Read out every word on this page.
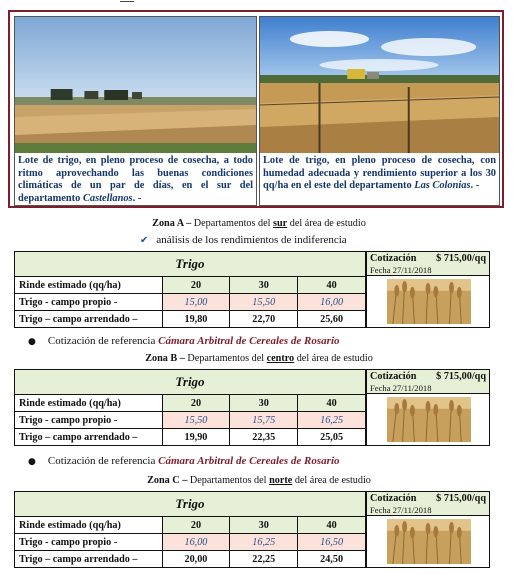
Lote de trigo, en pleno proceso de cosecha, a todo ritmo aprovechando las buenas condiciones climáticas de un par de días, en el sur del departamento Castellanos. -
Lote de trigo, en pleno proceso de cosecha, con humedad adecuada y rendimiento superior a los 30 qq/ha en el este del departamento Las Colonias. -
Zona A – Departamentos del sur del área de estudio
✔ análisis de los rendimientos de indiferencia
Trigo			
Rinde estimado (qq/ha)	20	30	40
Trigo - campo propio -	15,00	15,50	16,00
Trigo – campo arrendado –	19,80	22,70	25,60
Cotización $ 715,00/qq
Fecha 27/11/2018
● Cotización de referencia Cámara Arbitral de Cereales de Rosario
Zona B – Departamentos del centro del área de estudio
Trigo			
Rinde estimado (qq/ha)	20	30	40
Trigo - campo propio -	15,50	15,75	16,25
Trigo – campo arrendado –	19,90	22,35	25,05
Cotización $ 715,00/qq
Fecha 27/11/2018
● Cotización de referencia Cámara Arbitral de Cereales de Rosario
Zona C – Departamentos del norte del área de estudio
Trigo			
Rinde estimado (qq/ha)	20	30	40
Trigo - campo propio -	16,00	16,25	16,50
Trigo – campo arrendado –	20,00	22,25	24,50
Cotización $ 715,00/qq
Fecha 27/11/2018
